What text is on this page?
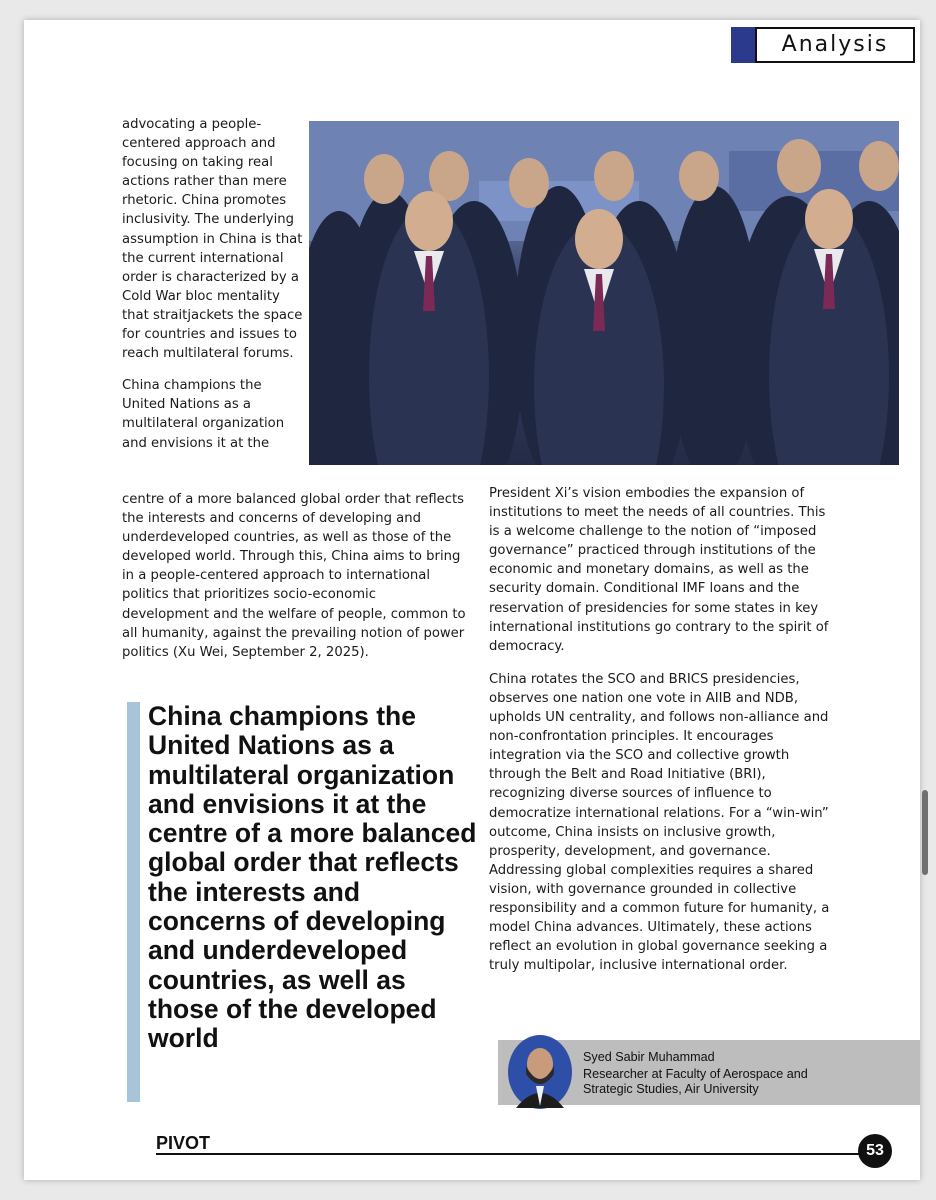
Analysis

advocating a people-centered approach and focusing on taking real actions rather than mere rhetoric. China promotes inclusivity. The underlying assumption in China is that the current international order is characterized by a Cold War bloc mentality that straitjackets the space for countries and issues to reach multilateral forums.

China champions the United Nations as a multilateral organization and envisions it at the

centre of a more balanced global order that reflects the interests and concerns of developing and underdeveloped countries, as well as those of the developed world. Through this, China aims to bring in a people-centered approach to international politics that prioritizes socio-economic development and the welfare of people, common to all humanity, against the prevailing notion of power politics (Xu Wei, September 2, 2025).

President Xi’s vision embodies the expansion of institutions to meet the needs of all countries. This is a welcome challenge to the notion of “imposed governance” practiced through institutions of the economic and monetary domains, as well as the security domain. Conditional IMF loans and the reservation of presidencies for some states in key international institutions go contrary to the spirit of democracy.

China rotates the SCO and BRICS presidencies, observes one nation one vote in AIIB and NDB, upholds UN centrality, and follows non-alliance and non-confrontation principles. It encourages integration via the SCO and collective growth through the Belt and Road Initiative (BRI), recognizing diverse sources of influence to democratize international relations. For a “win-win” outcome, China insists on inclusive growth, prosperity, development, and governance. Addressing global complexities requires a shared vision, with governance grounded in collective responsibility and a common future for humanity, a model China advances. Ultimately, these actions reflect an evolution in global governance seeking a truly multipolar, inclusive international order.

China champions the United Nations as a multilateral organization and envisions it at the centre of a more balanced global order that reflects the interests and concerns of developing and underdeveloped countries, as well as those of the developed world
Syed Sabir Muhammad
Researcher at Faculty of Aerospace and Strategic Studies, Air University
PIVOT	53
